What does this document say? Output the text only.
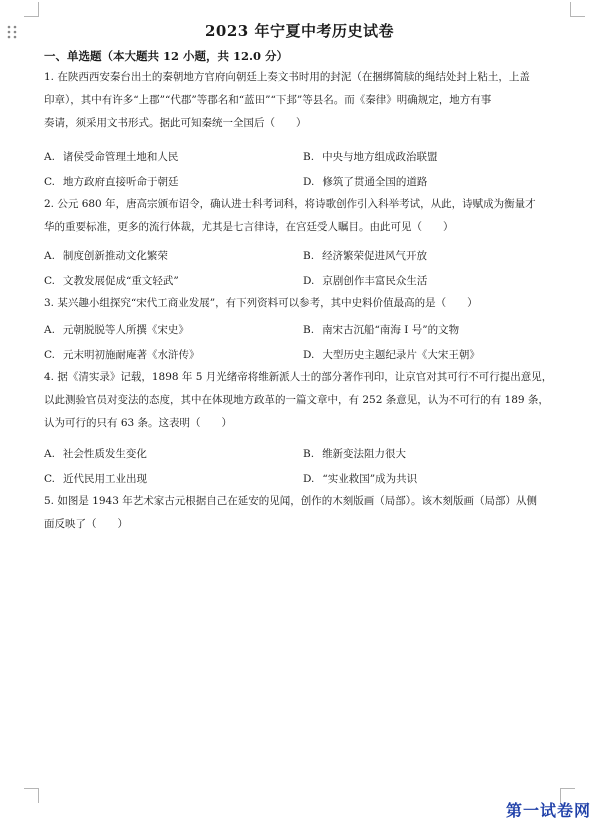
2023 年宁夏中考历史试卷
一、单选题（本大题共 12 小题，共 12.0 分）
1. 在陕西西安秦台出土的秦朝地方官府向朝廷上奏文书时用的封泥（在捆绑简牍的绳结处封上粘土，上盖
印章），其中有许多“上郡”“代郡”等郡名和“蓝田”“下邽”等县名。而《秦律》明确规定，地方有事
奏请，须采用文书形式。据此可知秦统一全国后（　　）
A. 诸侯受命管理土地和人民	B. 中央与地方组成政治联盟
C. 地方政府直接听命于朝廷	D. 修筑了贯通全国的道路
2. 公元 680 年，唐高宗颁布诏令，确认进士科考词科，将诗歌创作引入科举考试，从此，诗赋成为衡量才
华的重要标准，更多的流行体裁，尤其是七言律诗，在宫廷受人瞩目。由此可见（　　）
A. 制度创新推动文化繁荣	B. 经济繁荣促进风气开放
C. 文教发展促成“重文轻武”	D. 京剧创作丰富民众生活
3. 某兴趣小组探究“宋代工商业发展”，有下列资料可以参考，其中史料价值最高的是（　　）
A. 元朝脱脱等人所撰《宋史》	B. 南宋古沉船“南海 I 号”的文物
C. 元末明初施耐庵著《水浒传》	D. 大型历史主题纪录片《大宋王朝》
4. 据《清实录》记载，1898 年 5 月光绪帝将维新派人士的部分著作刊印，让京官对其可行不可行提出意见，
以此测验官员对变法的态度，其中在体现地方政革的一篇文章中，有 252 条意见，认为不可行的有 189 条，
认为可行的只有 63 条。这表明（　　）
A. 社会性质发生变化	B. 维新变法阻力很大
C. 近代民用工业出现	D. “实业救国”成为共识
5. 如图是 1943 年艺术家古元根据自己在延安的见闻，创作的木刻版画（局部）。该木刻版画（局部）从侧
面反映了（　　）
第一试卷网
